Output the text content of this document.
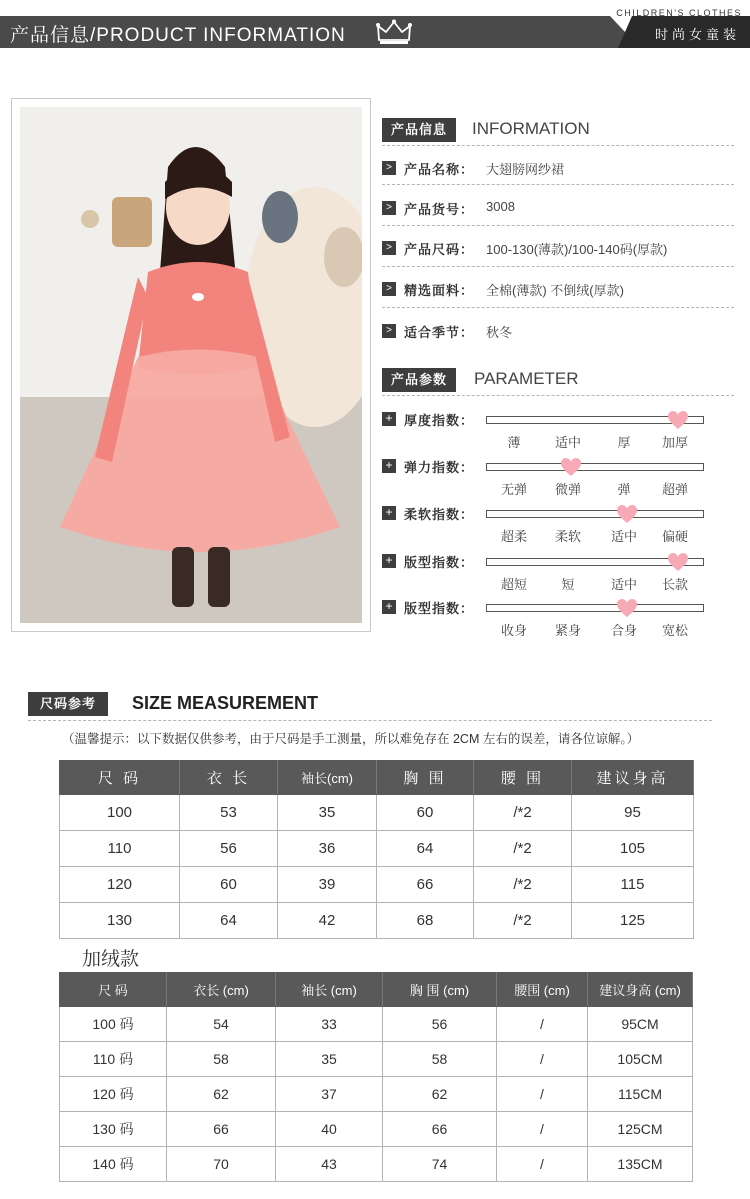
产品信息/PRODUCT INFORMATION
CHILDREN'S CLOTHES
时尚女童装
产品信息	INFORMATION
> 产品名称： 大翅膀网纱裙
> 产品货号： 3008
> 产品尺码： 100-130(薄款)/100-140码(厚款)
> 精选面料： 全棉(薄款) 不倒绒(厚款)
> 适合季节： 秋冬
产品参数	PARAMETER
+ 厚度指数：
薄	适中	厚	加厚
+ 弹力指数：
无弹	微弹	弹	超弹
+ 柔软指数：
超柔	柔软	适中	偏硬
+ 版型指数：
超短	短	适中	长款
+ 版型指数：
收身	紧身	合身	宽松
尺码参考	SIZE MEASUREMENT
（温馨提示：以下数据仅供参考，由于尺码是手工测量，所以难免存在 2CM 左右的误差，请各位谅解。）
尺 码	衣 长	袖长(cm)	胸 围	腰 围	建议身高
100	53	35	60	/*2	95
110	56	36	64	/*2	105
120	60	39	66	/*2	115
130	64	42	68	/*2	125
加绒款
尺 码	衣长 (cm)	袖长 (cm)	胸 围 (cm)	腰围 (cm)	建议身高 (cm)
100 码	54	33	56	/	95CM
110 码	58	35	58	/	105CM
120 码	62	37	62	/	115CM
130 码	66	40	66	/	125CM
140 码	70	43	74	/	135CM
